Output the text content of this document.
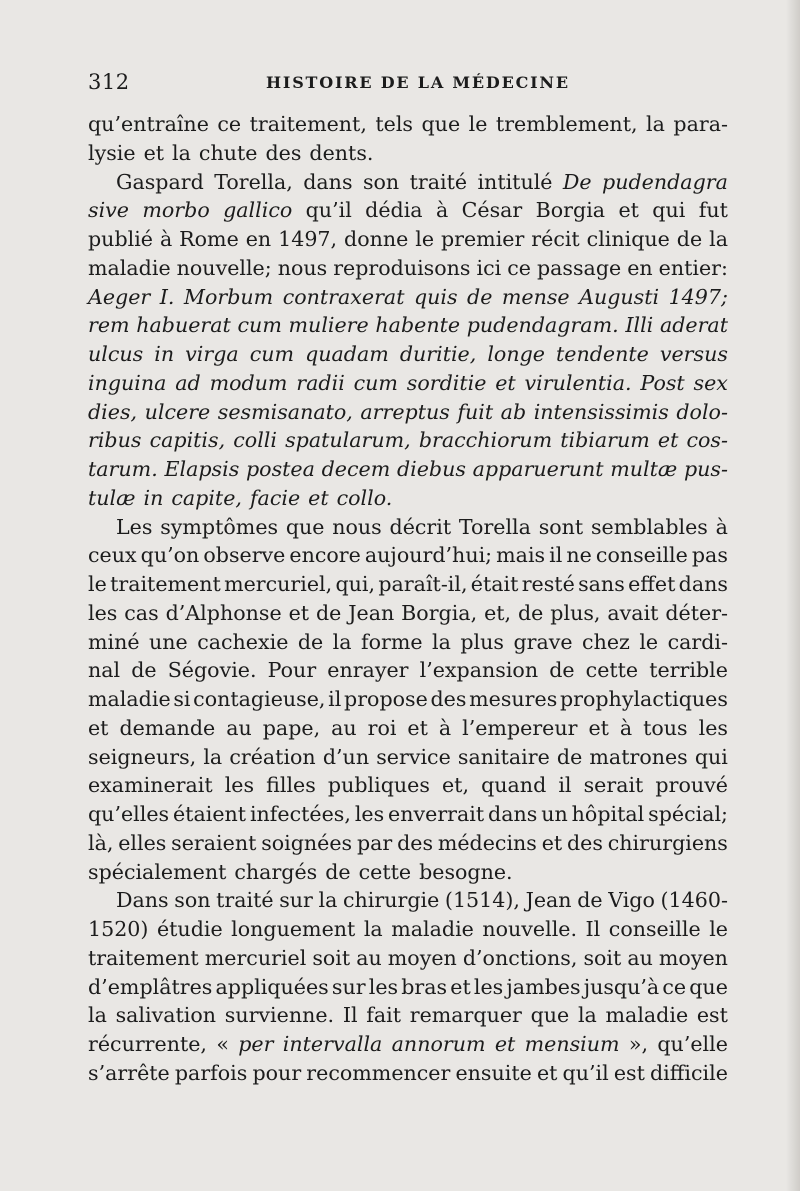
312	HISTOIRE DE LA MÉDECINE
qu’entraîne ce traitement, tels que le tremblement, la para-
lysie et la chute des dents.
Gaspard Torella, dans son traité intitulé De pudendagra
sive morbo gallico qu’il dédia à César Borgia et qui fut
publié à Rome en 1497, donne le premier récit clinique de la
maladie nouvelle; nous reproduisons ici ce passage en entier:
Aeger I. Morbum contraxerat quis de mense Augusti 1497;
rem habuerat cum muliere habente pudendagram. Illi aderat
ulcus in virga cum quadam duritie, longe tendente versus
inguina ad modum radii cum sorditie et virulentia. Post sex
dies, ulcere sesmisanato, arreptus fuit ab intensissimis dolo-
ribus capitis, colli spatularum, bracchiorum tibiarum et cos-
tarum. Elapsis postea decem diebus apparuerunt multæ pus-
tulæ in capite, facie et collo.
Les symptômes que nous décrit Torella sont semblables à
ceux qu’on observe encore aujourd’hui; mais il ne conseille pas
le traitement mercuriel, qui, paraît-il, était resté sans effet dans
les cas d’Alphonse et de Jean Borgia, et, de plus, avait déter-
miné une cachexie de la forme la plus grave chez le cardi-
nal de Ségovie. Pour enrayer l’expansion de cette terrible
maladie si contagieuse, il propose des mesures prophylactiques
et demande au pape, au roi et à l’empereur et à tous les
seigneurs, la création d’un service sanitaire de matrones qui
examinerait les filles publiques et, quand il serait prouvé
qu’elles étaient infectées, les enverrait dans un hôpital spécial;
là, elles seraient soignées par des médecins et des chirurgiens
spécialement chargés de cette besogne.
Dans son traité sur la chirurgie (1514), Jean de Vigo (1460-
1520) étudie longuement la maladie nouvelle. Il conseille le
traitement mercuriel soit au moyen d’onctions, soit au moyen
d’emplâtres appliquées sur les bras et les jambes jusqu’à ce que
la salivation survienne. Il fait remarquer que la maladie est
récurrente, « per intervalla annorum et mensium », qu’elle
s’arrête parfois pour recommencer ensuite et qu’il est difficile
